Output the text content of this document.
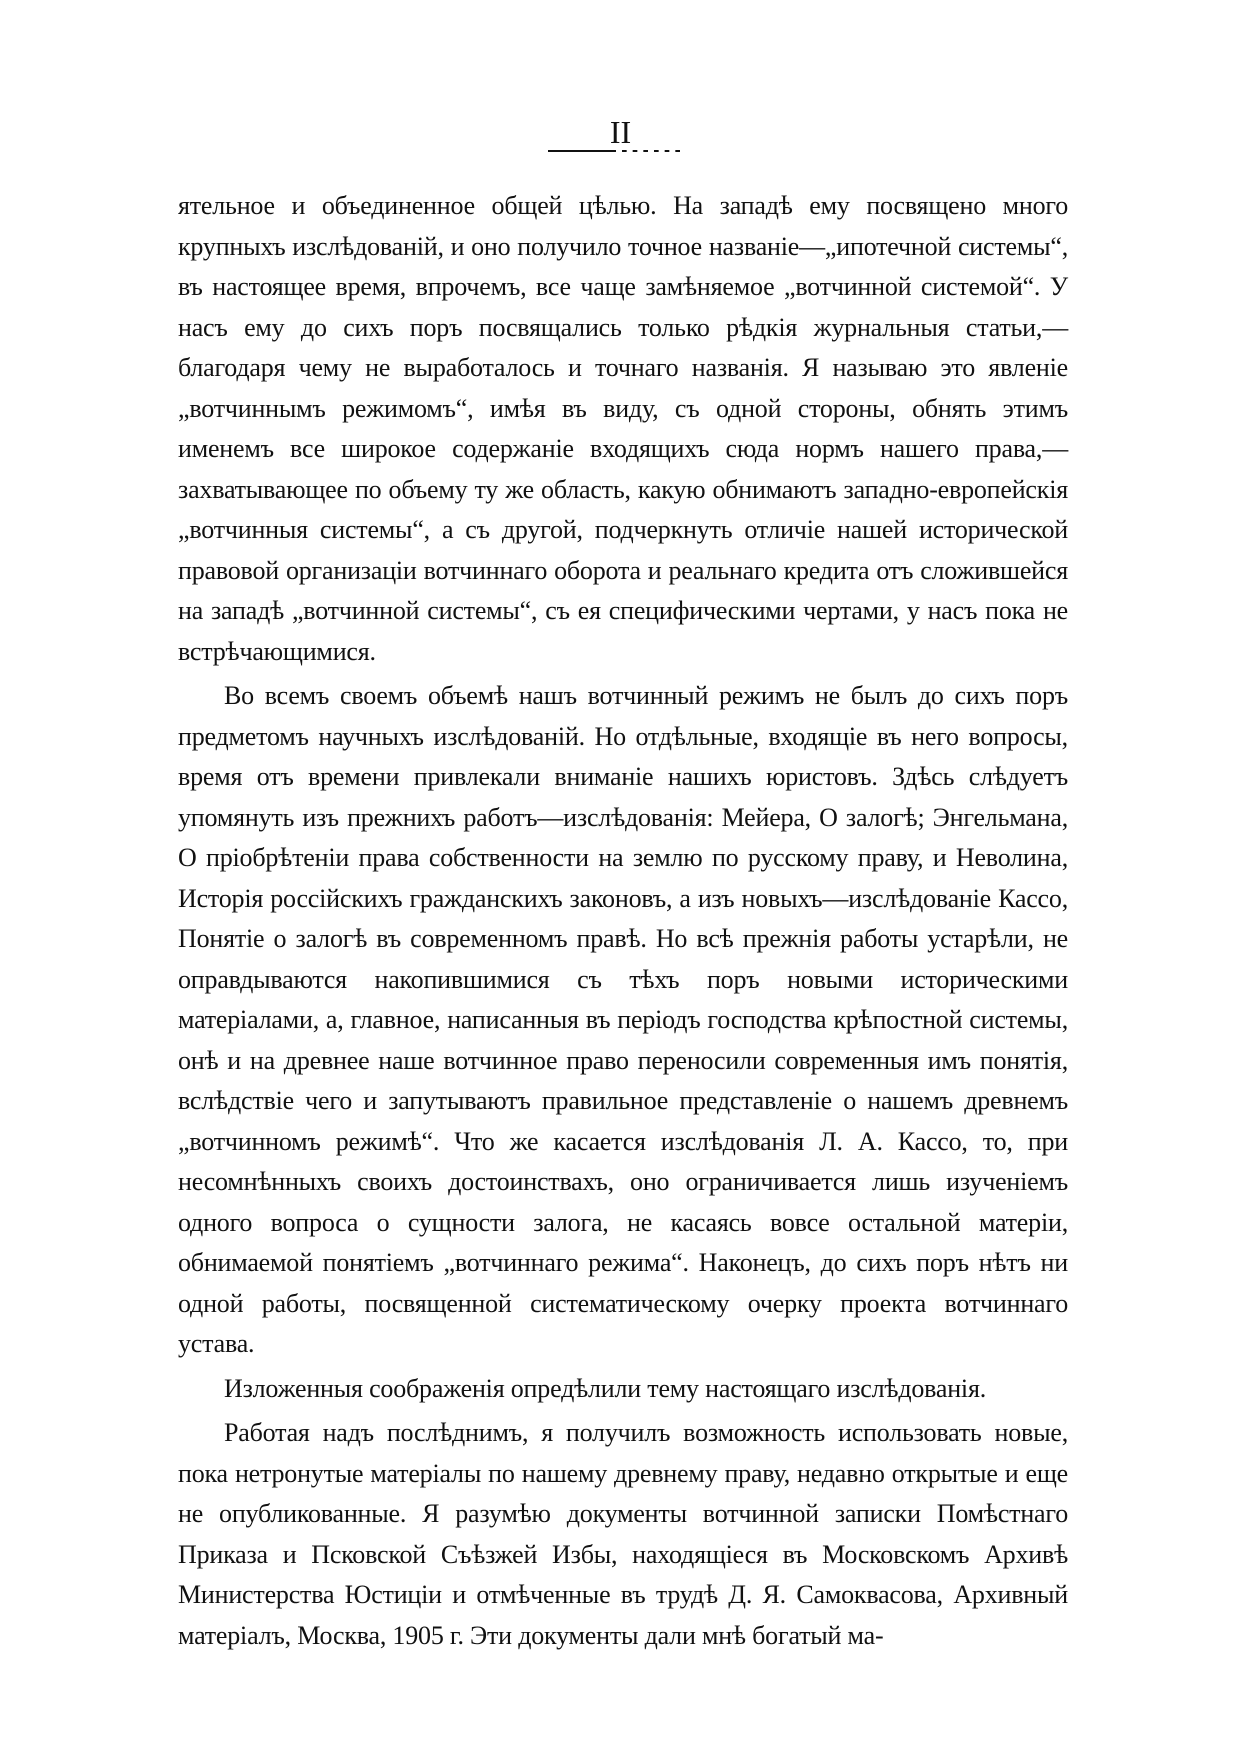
II

ятельное и объединенное общей цѣлью. На западѣ ему посвящено много крупныхъ изслѣдованій, и оно получило точное названіе—„ипотечной системы“, въ настоящее время, впрочемъ, все чаще замѣняемое „вотчинной системой“. У насъ ему до сихъ поръ посвящались только рѣдкія журнальныя статьи,—благодаря чему не выработалось и точнаго названія. Я называю это явленіе „вотчиннымъ режимомъ“, имѣя въ виду, съ одной стороны, обнять этимъ именемъ все широкое содержаніе входящихъ сюда нормъ нашего права,—захватывающее по объему ту же область, какую обнимаютъ западно-европейскія „вотчинныя системы“, а съ другой, подчеркнуть отличіе нашей исторической правовой организаціи вотчиннаго оборота и реальнаго кредита отъ сложившейся на западѣ „вотчинной системы“, съ ея специфическими чертами, у насъ пока не встрѣчающимися.

Во всемъ своемъ объемѣ нашъ вотчинный режимъ не былъ до сихъ поръ предметомъ научныхъ изслѣдованій. Но отдѣльные, входящіе въ него вопросы, время отъ времени привлекали вниманіе нашихъ юристовъ. Здѣсь слѣдуетъ упомянуть изъ прежнихъ работъ—изслѣдованія: Мейера, О залогѣ; Энгельмана, О пріобрѣтеніи права собственности на землю по русскому праву, и Неволина, Исторія россійскихъ гражданскихъ законовъ, а изъ новыхъ—изслѣдованіе Кассо, Понятіе о залогѣ въ современномъ правѣ. Но всѣ прежнія работы устарѣли, не оправдываются накопившимися съ тѣхъ поръ новыми историческими матеріалами, а, главное, написанныя въ періодъ господства крѣпостной системы, онѣ и на древнее наше вотчинное право переносили современныя имъ понятія, вслѣдствіе чего и запутываютъ правильное представленіе о нашемъ древнемъ „вотчинномъ режимѣ“. Что же касается изслѣдованія Л. А. Кассо, то, при несомнѣнныхъ своихъ достоинствахъ, оно ограничивается лишь изученіемъ одного вопроса о сущности залога, не касаясь вовсе остальной матеріи, обнимаемой понятіемъ „вотчиннаго режима“. Наконецъ, до сихъ поръ нѣтъ ни одной работы, посвященной систематическому очерку проекта вотчиннаго устава.

Изложенныя соображенія опредѣлили тему настоящаго изслѣдованія.

Работая надъ послѣднимъ, я получилъ возможность использовать новые, пока нетронутые матеріалы по нашему древнему праву, недавно открытые и еще не опубликованные. Я разумѣю документы вотчинной записки Помѣстнаго Приказа и Псковской Съѣзжей Избы, находящіеся въ Московскомъ Архивѣ Министерства Юстиціи и отмѣченные въ трудѣ Д. Я. Самоквасова, Архивный матеріалъ, Москва, 1905 г. Эти документы дали мнѣ богатый ма-
